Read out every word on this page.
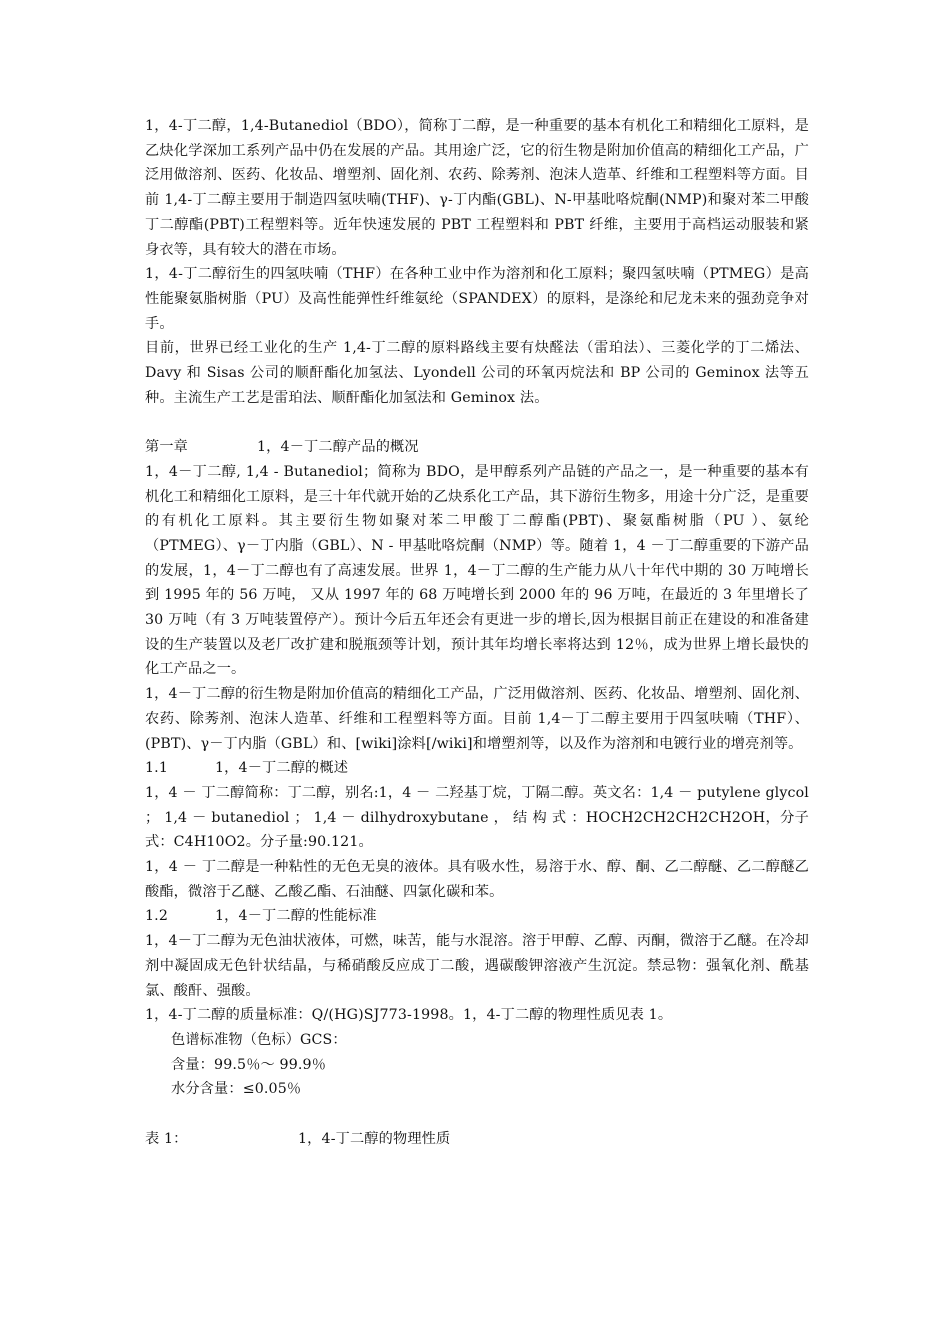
1，4-丁二醇，1,4-Butanediol（BDO），简称丁二醇，是一种重要的基本有机化工和精细化工原料，是乙炔化学深加工系列产品中仍在发展的产品。其用途广泛，它的衍生物是附加价值高的精细化工产品，广泛用做溶剂、医药、化妆品、增塑剂、固化剂、农药、除莠剂、泡沫人造革、纤维和工程塑料等方面。目前 1,4-丁二醇主要用于制造四氢呋喃(THF)、γ-丁内酯(GBL)、N-甲基吡咯烷酮(NMP)和聚对苯二甲酸丁二醇酯(PBT)工程塑料等。近年快速发展的 PBT 工程塑料和 PBT 纤维，主要用于高档运动服装和紧身衣等，具有较大的潜在市场。

1，4-丁二醇衍生的四氢呋喃（THF）在各种工业中作为溶剂和化工原料；聚四氢呋喃（PTMEG）是高性能聚氨脂树脂（PU）及高性能弹性纤维氨纶（SPANDEX）的原料，是涤纶和尼龙未来的强劲竞争对手。

目前，世界已经工业化的生产 1,4-丁二醇的原料路线主要有炔醛法（雷珀法）、三菱化学的丁二烯法、Davy 和 Sisas 公司的顺酐酯化加氢法、Lyondell 公司的环氧丙烷法和 BP 公司的 Geminox 法等五种。主流生产工艺是雷珀法、顺酐酯化加氢法和 Geminox 法。

第一章	1，4－丁二醇产品的概况

1，4－丁二醇, 1,4 - Butanediol；简称为 BDO，是甲醇系列产品链的产品之一，是一种重要的基本有机化工和精细化工原料，是三十年代就开始的乙炔系化工产品，其下游衍生物多，用途十分广泛，是重要的有机化工原料。其主要衍生物如聚对苯二甲酸丁二醇酯(PBT)、聚氨酯树脂（PU ）、氨纶（PTMEG）、γ－丁内脂（GBL）、N - 甲基吡咯烷酮（NMP）等。随着 1，4 －丁二醇重要的下游产品的发展，1，4－丁二醇也有了高速发展。世界 1，4－丁二醇的生产能力从八十年代中期的 30 万吨增长到 1995 年的 56 万吨， 又从 1997 年的 68 万吨增长到 2000 年的 96 万吨，在最近的 3 年里增长了 30 万吨（有 3 万吨装置停产）。预计今后五年还会有更进一步的增长,因为根据目前正在建设的和准备建设的生产装置以及老厂改扩建和脱瓶颈等计划，预计其年均增长率将达到 12％，成为世界上增长最快的化工产品之一。

1，4－丁二醇的衍生物是附加价值高的精细化工产品，广泛用做溶剂、医药、化妆品、增塑剂、固化剂、农药、除莠剂、泡沫人造革、纤维和工程塑料等方面。目前 1,4－丁二醇主要用于四氢呋喃（THF）、(PBT)、γ－丁内脂（GBL）和、[wiki]涂料[/wiki]和增塑剂等，以及作为溶剂和电镀行业的增亮剂等。

1.1	1，4－丁二醇的概述

1，4 － 丁二醇简称：丁二醇，别名:1，4 － 二羟基丁烷，丁隔二醇。英文名：1,4 － putylene glycol ； 1,4 － butanediol ； 1,4 － dilhydroxybutane ， 结 构 式 ：HOCH2CH2CH2CH2OH，分子式：C4H10O2。分子量:90.121。

1，4 － 丁二醇是一种粘性的无色无臭的液体。具有吸水性，易溶于水、醇、酮、乙二醇醚、乙二醇醚乙酸酯，微溶于乙醚、乙酸乙酯、石油醚、四氯化碳和苯。

1.2	1，4－丁二醇的性能标准

1，4－丁二醇为无色油状液体，可燃，味苦，能与水混溶。溶于甲醇、乙醇、丙酮，微溶于乙醚。在冷却剂中凝固成无色针状结晶，与稀硝酸反应成丁二酸，遇碳酸钾溶液产生沉淀。禁忌物：强氧化剂、酰基氯、酸酐、强酸。

1，4-丁二醇的质量标准：Q/(HG)SJ773-1998。1，4-丁二醇的物理性质见表 1。

色谱标准物（色标）GCS：

含量：99.5％～ 99.9％

水分含量：≤0.05％

表 1：	1，4-丁二醇的物理性质
